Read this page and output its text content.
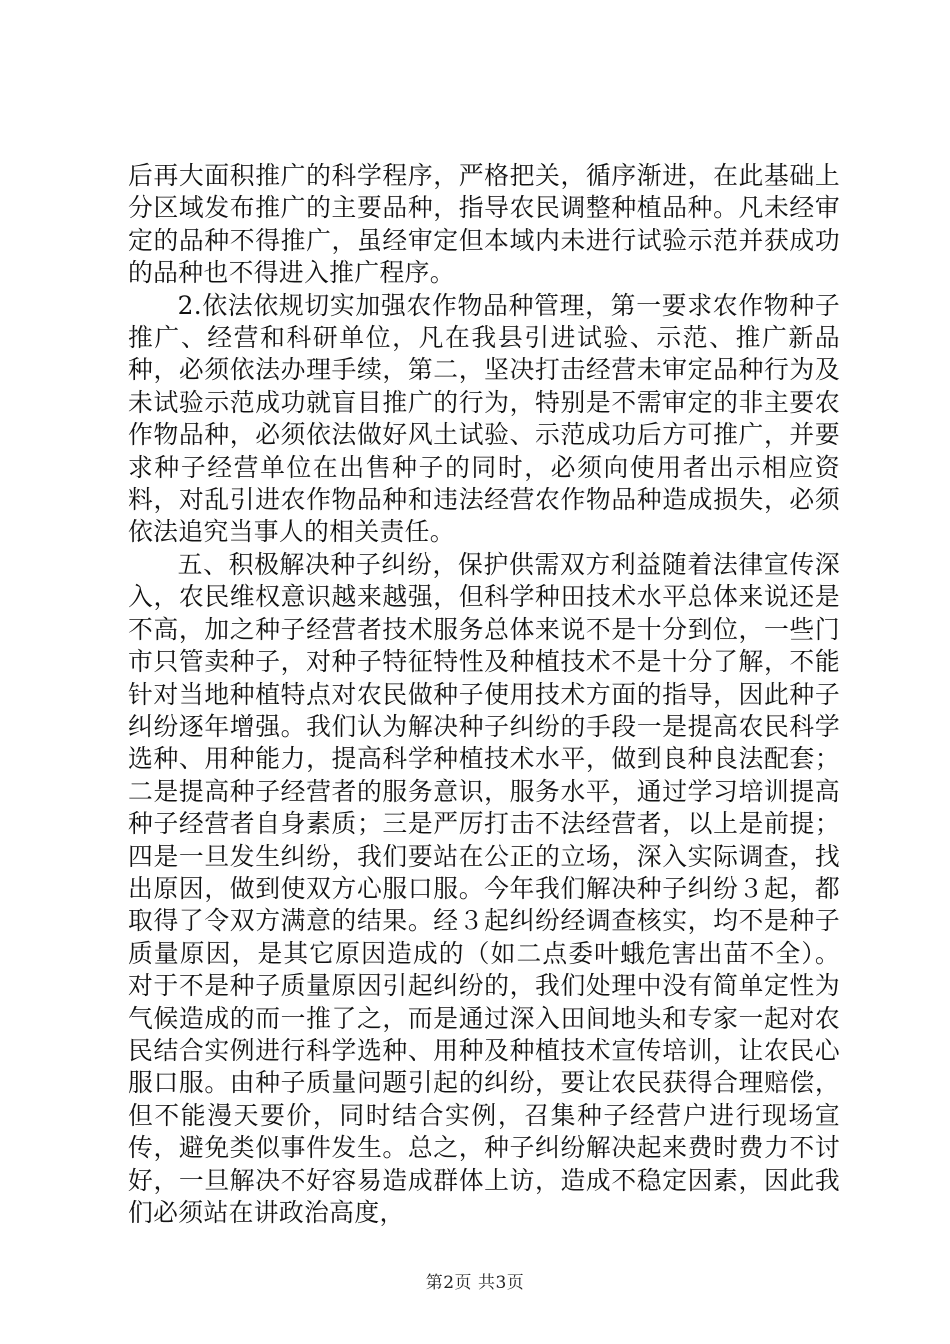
后再大面积推广的科学程序，严格把关，循序渐进，在此基础上分区域发布推广的主要品种，指导农民调整种植品种。凡未经审定的品种不得推广，虽经审定但本域内未进行试验示范并获成功的品种也不得进入推广程序。

2.依法依规切实加强农作物品种管理，第一要求农作物种子推广、经营和科研单位，凡在我县引进试验、示范、推广新品种，必须依法办理手续，第二，坚决打击经营未审定品种行为及未试验示范成功就盲目推广的行为，特别是不需审定的非主要农作物品种，必须依法做好风土试验、示范成功后方可推广，并要求种子经营单位在出售种子的同时，必须向使用者出示相应资料，对乱引进农作物品种和违法经营农作物品种造成损失，必须依法追究当事人的相关责任。

五、积极解决种子纠纷，保护供需双方利益随着法律宣传深入，农民维权意识越来越强，但科学种田技术水平总体来说还是不高，加之种子经营者技术服务总体来说不是十分到位，一些门市只管卖种子，对种子特征特性及种植技术不是十分了解，不能针对当地种植特点对农民做种子使用技术方面的指导，因此种子纠纷逐年增强。我们认为解决种子纠纷的手段一是提高农民科学选种、用种能力，提高科学种植技术水平，做到良种良法配套；二是提高种子经营者的服务意识，服务水平，通过学习培训提高种子经营者自身素质；三是严厉打击不法经营者，以上是前提；四是一旦发生纠纷，我们要站在公正的立场，深入实际调查，找出原因，做到使双方心服口服。今年我们解决种子纠纷３起，都取得了令双方满意的结果。经３起纠纷经调查核实，均不是种子质量原因，是其它原因造成的（如二点委叶蛾危害出苗不全）。对于不是种子质量原因引起纠纷的，我们处理中没有简单定性为气候造成的而一推了之，而是通过深入田间地头和专家一起对农民结合实例进行科学选种、用种及种植技术宣传培训，让农民心服口服。由种子质量问题引起的纠纷，要让农民获得合理赔偿，但不能漫天要价，同时结合实例，召集种子经营户进行现场宣传，避免类似事件发生。总之，种子纠纷解决起来费时费力不讨好，一旦解决不好容易造成群体上访，造成不稳定因素，因此我们必须站在讲政治高度，

第2页 共3页
